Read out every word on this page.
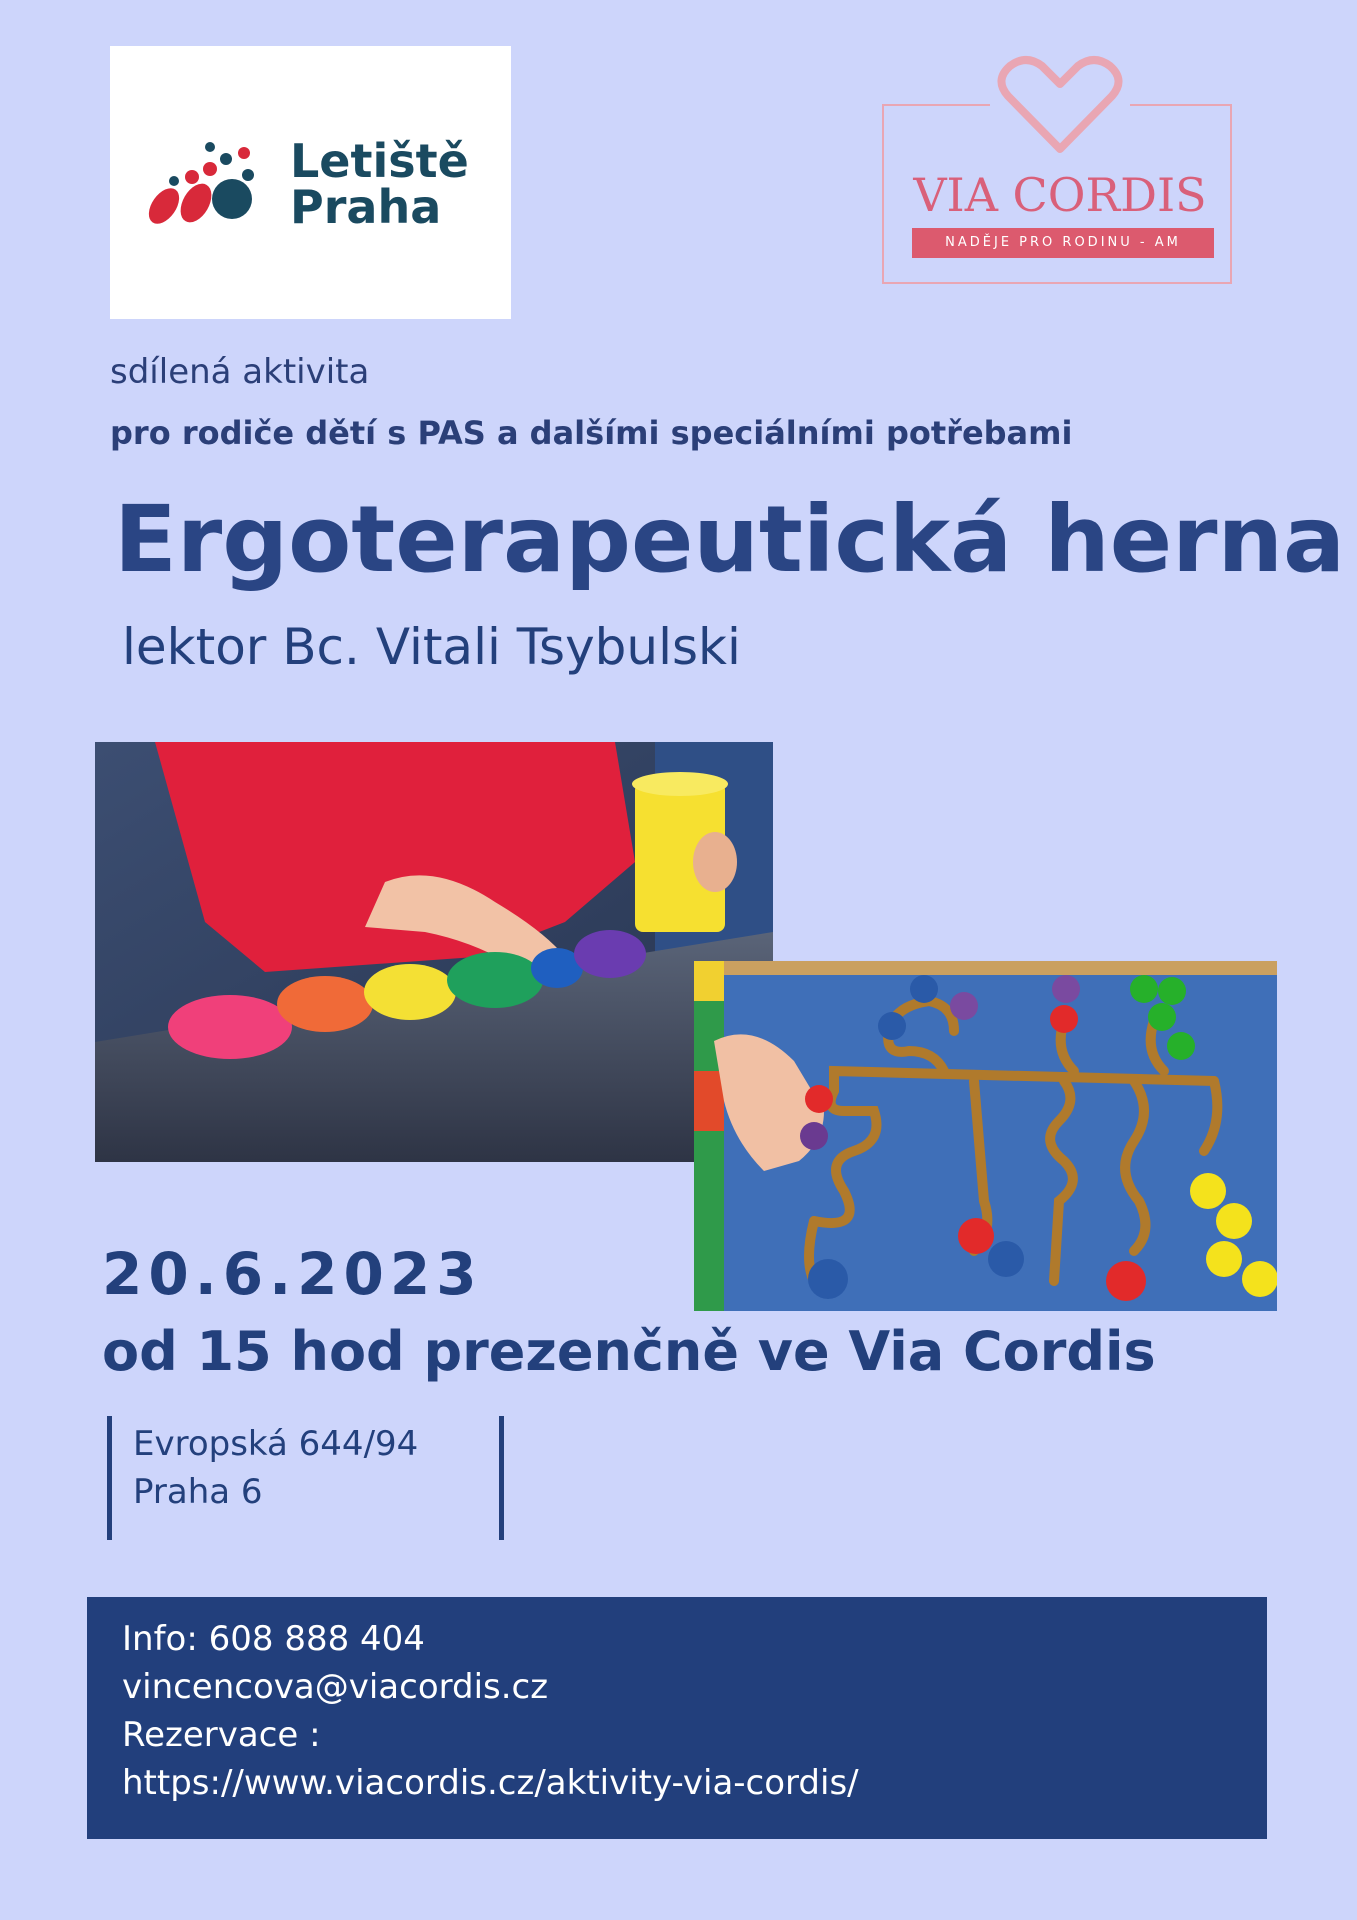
Letiště
Praha	VIA CORDIS
NADĚJE PRO RODINU - AM
sdílená aktivita
pro rodiče dětí s PAS a dalšími speciálními potřebami
Ergoterapeutická herna
lektor Bc. Vitali Tsybulski
20.6.2023
od 15 hod prezenčně ve Via Cordis
Evropská 644/94
Praha 6
Info: 608 888 404
vincencova@viacordis.cz
Rezervace :
https://www.viacordis.cz/aktivity-via-cordis/
